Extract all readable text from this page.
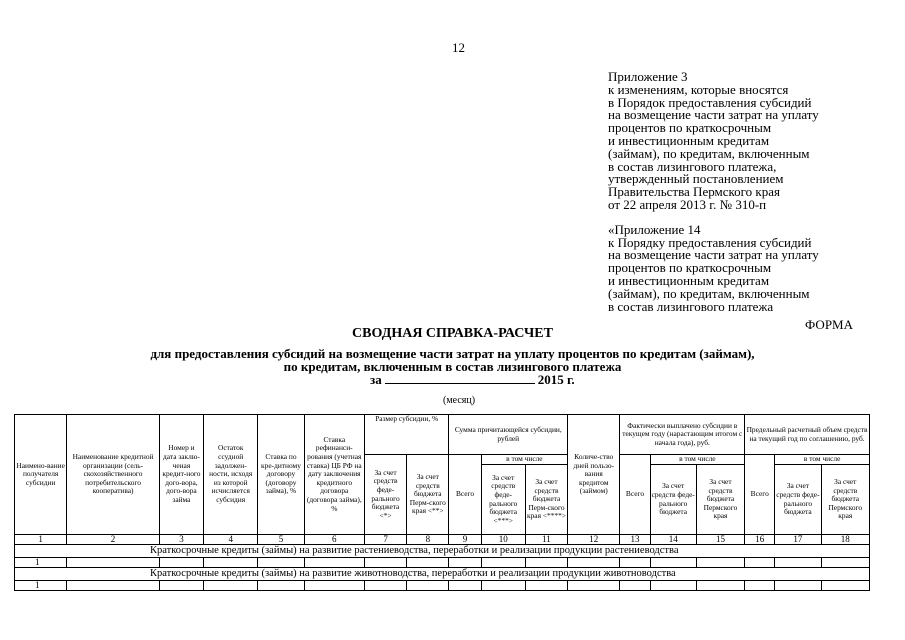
12
Приложение 3
к изменениям, которые вносятся
в Порядок предоставления субсидий
на возмещение части затрат на уплату
процентов по краткосрочным
и инвестиционным кредитам
(займам), по кредитам, включенным
в состав лизингового платежа,
утвержденный постановлением
Правительства Пермского края
от 22 апреля 2013 г. № 310-п
«Приложение 14
к Порядку предоставления субсидий
на возмещение части затрат на уплату
процентов по краткосрочным
и инвестиционным кредитам
(займам), по кредитам, включенным
в состав лизингового платежа
ФОРМА
СВОДНАЯ СПРАВКА-РАСЧЕТ
для предоставления субсидий на возмещение части затрат на уплату процентов по кредитам (займам),
по кредитам, включенным в состав лизингового платежа
за	2015 г.
(месяц)
Наимено-вание получателя субсидии	Наименование кредитной организации (сель-скохозяйственного потребительского кооператива)	Номер и дата заклю-ченая кредит-ного дого-вора, дого-вора займа	Остаток ссудной задолжен-ности, исходя из которой исчисляется субсидия	Ставка по кре-дитному договору (договору займа), %	Ставка рефинанси-рования (учетная ставка) ЦБ РФ на дату заключения кредитного договора (договора займа), %	Размер субсидии, %		Сумма причитающейся субсидии, рублей			Количе-ство дней пользо-вания кредитом (займом)	Фактически выплачено субсидии в текущем году (нарастающим итогом с начала года), руб.			Предельный расчетный объем средств на текущий год по соглашению, руб.		
						За счет средств феде-рального бюджета <*>	За счет средств бюджета Перм-ского края <**>	Всего	в том числе			Всего	в том числе		Всего	в том числе	
									За счет средств феде-рального бюджета <***>	За счет средств бюджета Перм-ского края <****>			За счет средств феде-рального бюджета	За счет средств бюджета Пермского края		За счет средств феде-рального бюджета	За счет средств бюджета Пермского края
1	2	3	4	5	6	7	8	9	10	11	12	13	14	15	16	17	18
Краткосрочные кредиты (займы) на развитие растениеводства, переработки и реализации продукции растениеводства																	
1																	
Краткосрочные кредиты (займы) на развитие животноводства, переработки и реализации продукции животноводства																	
1																	
